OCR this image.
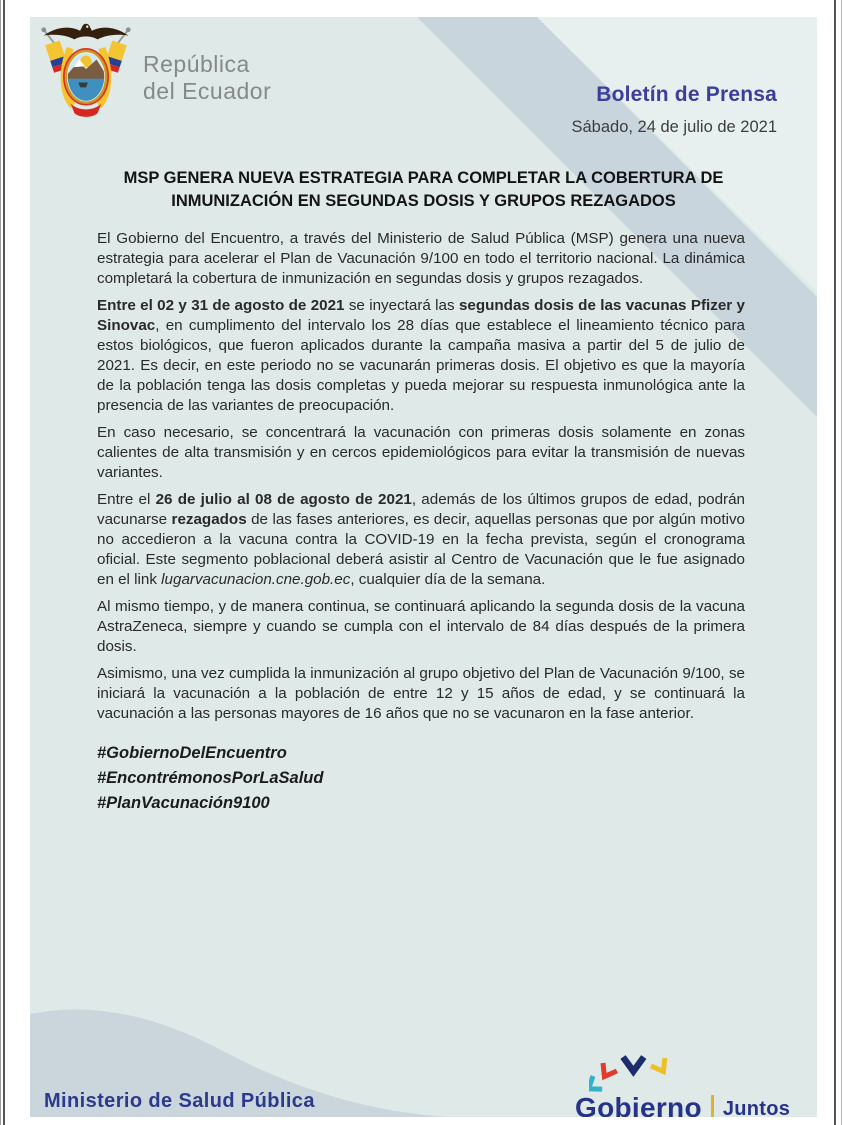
República
del Ecuador	Boletín de Prensa
Sábado, 24 de julio de 2021
MSP GENERA NUEVA ESTRATEGIA PARA COMPLETAR LA COBERTURA DE
INMUNIZACIÓN EN SEGUNDAS DOSIS Y GRUPOS REZAGADOS

El Gobierno del Encuentro, a través del Ministerio de Salud Pública (MSP) genera una nueva estrategia para acelerar el Plan de Vacunación 9/100 en todo el territorio nacional. La dinámica completará la cobertura de inmunización en segundas dosis y grupos rezagados.

Entre el 02 y 31 de agosto de 2021 se inyectará las segundas dosis de las vacunas Pfizer y Sinovac, en cumplimento del intervalo los 28 días que establece el lineamiento técnico para estos biológicos, que fueron aplicados durante la campaña masiva a partir del 5 de julio de 2021. Es decir, en este periodo no se vacunarán primeras dosis. El objetivo es que la mayoría de la población tenga las dosis completas y pueda mejorar su respuesta inmunológica ante la presencia de las variantes de preocupación.

En caso necesario, se concentrará la vacunación con primeras dosis solamente en zonas calientes de alta transmisión y en cercos epidemiológicos para evitar la transmisión de nuevas variantes.

Entre el 26 de julio al 08 de agosto de 2021, además de los últimos grupos de edad, podrán vacunarse rezagados de las fases anteriores, es decir, aquellas personas que por algún motivo no accedieron a la vacuna contra la COVID-19 en la fecha prevista, según el cronograma oficial. Este segmento poblacional deberá asistir al Centro de Vacunación que le fue asignado en el link lugarvacunacion.cne.gob.ec, cualquier día de la semana.

Al mismo tiempo, y de manera continua, se continuará aplicando la segunda dosis de la vacuna AstraZeneca, siempre y cuando se cumpla con el intervalo de 84 días después de la primera dosis.

Asimismo, una vez cumplida la inmunización al grupo objetivo del Plan de Vacunación 9/100, se iniciará la vacunación a la población de entre 12 y 15 años de edad, y se continuará la vacunación a las personas mayores de 16 años que no se vacunaron en la fase anterior.

#GobiernoDelEncuentro
#EncontrémonosPorLaSalud
#PlanVacunación9100
Ministerio de Salud Pública	Gobierno Juntos
